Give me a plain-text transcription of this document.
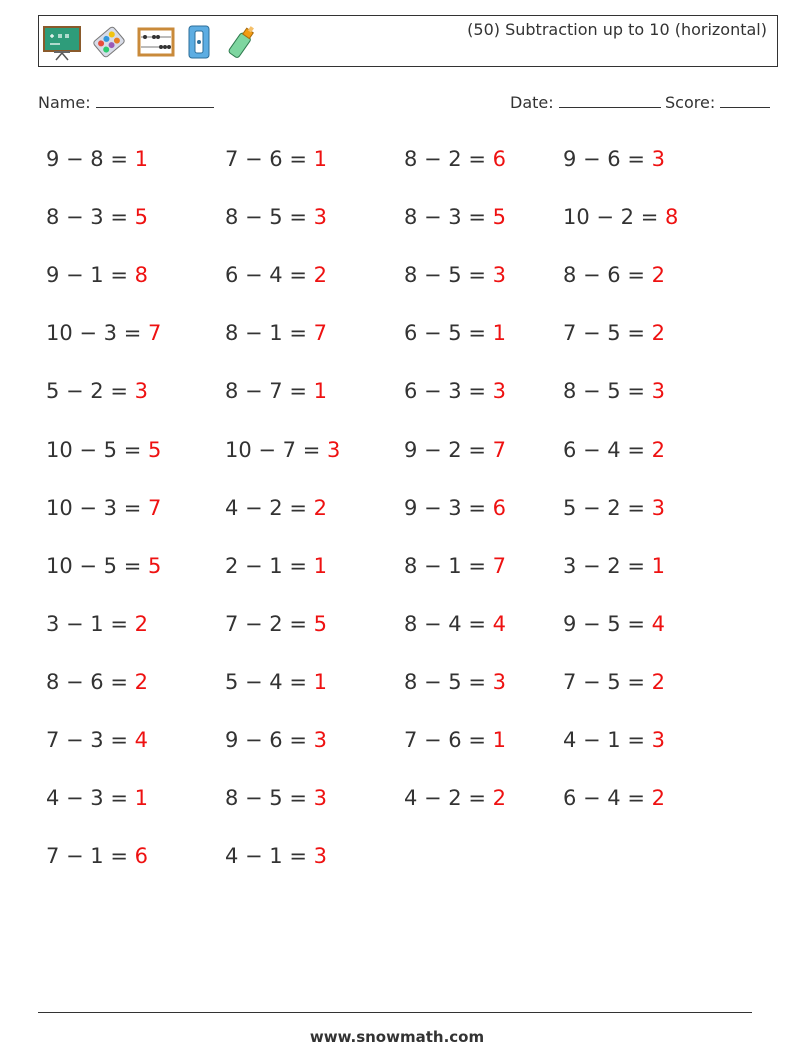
(50) Subtraction up to 10 (horizontal)
Name:	Date:	Score:
9 − 8 = 1	7 − 6 = 1	8 − 2 = 6	9 − 6 = 3
8 − 3 = 5	8 − 5 = 3	8 − 3 = 5	10 − 2 = 8
9 − 1 = 8	6 − 4 = 2	8 − 5 = 3	8 − 6 = 2
10 − 3 = 7	8 − 1 = 7	6 − 5 = 1	7 − 5 = 2
5 − 2 = 3	8 − 7 = 1	6 − 3 = 3	8 − 5 = 3
10 − 5 = 5	10 − 7 = 3	9 − 2 = 7	6 − 4 = 2
10 − 3 = 7	4 − 2 = 2	9 − 3 = 6	5 − 2 = 3
10 − 5 = 5	2 − 1 = 1	8 − 1 = 7	3 − 2 = 1
3 − 1 = 2	7 − 2 = 5	8 − 4 = 4	9 − 5 = 4
8 − 6 = 2	5 − 4 = 1	8 − 5 = 3	7 − 5 = 2
7 − 3 = 4	9 − 6 = 3	7 − 6 = 1	4 − 1 = 3
4 − 3 = 1	8 − 5 = 3	4 − 2 = 2	6 − 4 = 2
7 − 1 = 6	4 − 1 = 3
www.snowmath.com
